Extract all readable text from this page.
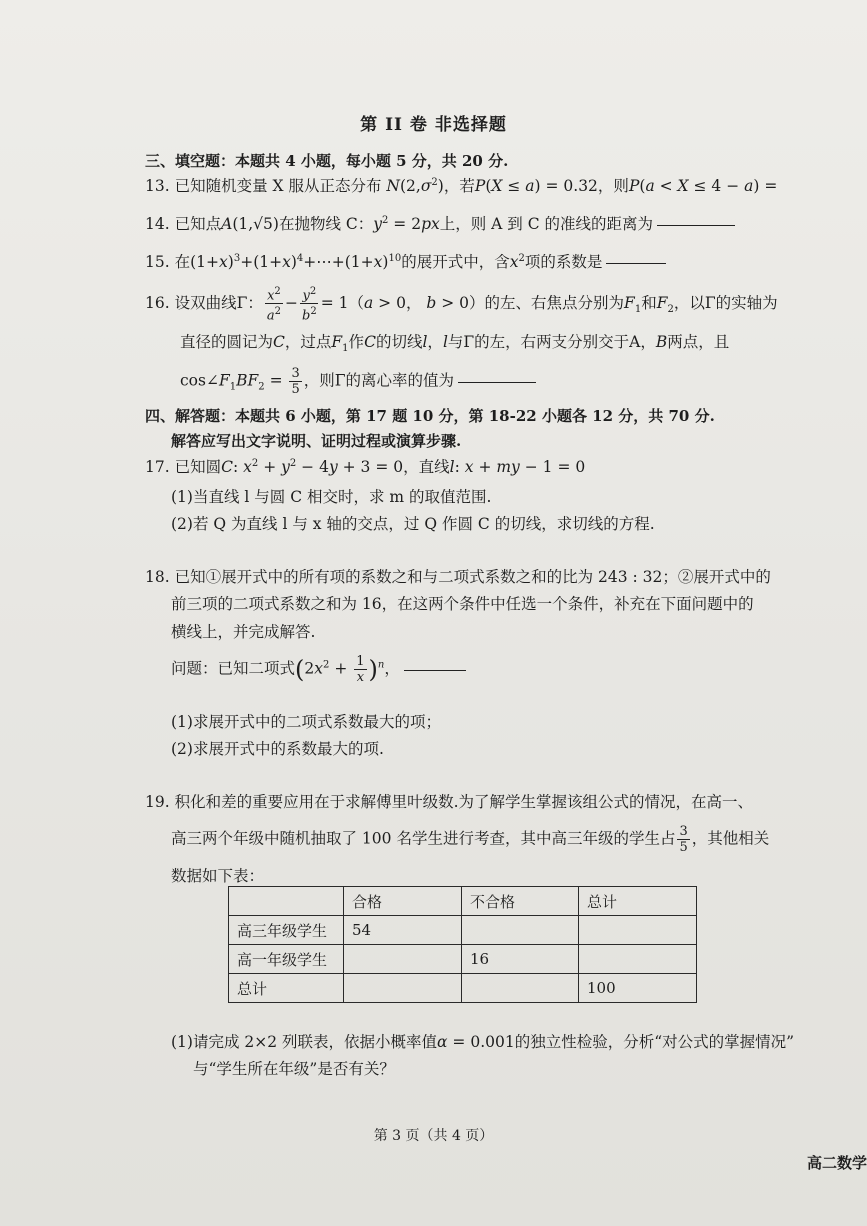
第 II 卷 非选择题
三、填空题：本题共 4 小题，每小题 5 分，共 20 分.
13. 已知随机变量 X 服从正态分布 $N(2,\sigma^2)$，若P(X ≤ a) = 0.32，则P(a < X ≤ 4 − a) =
14. 已知点A(1,√5)在抛物线 C：$y^2 = 2px$上，则 A 到 C 的准线的距离为
15. 在$(1+x)^3+(1+x)^4+\cdots+(1+x)^{10}$的展开式中，含$x^2$项的系数是
16. 设双曲线Γ： $\frac{x^2}{a^2} - \frac{y^2}{b^2} = 1(a > 0$， b > 0）的左、右焦点分别为$F_1$和$F_2$，以Γ的实轴为
直径的圆记为C，过点$F_1$作C的切线l，l与Γ的左，右两支分别交于A，B两点，且
$\cos\angle F_1BF_2 = \frac{3}{5}$ ，则Γ的离心率的值为
四、解答题：本题共 6 小题，第 17 题 10 分，第 18-22 小题各 12 分，共 70 分.
解答应写出文字说明、证明过程或演算步骤.
17. 已知圆C: $x^2 + y^2 - 4y + 3 = 0$，直线l: x + my − 1 = 0
(1)当直线 l 与圆 C 相交时，求 m 的取值范围.
(2)若 Q 为直线 l 与 x 轴的交点，过 Q 作圆 C 的切线，求切线的方程.
18. 已知①展开式中的所有项的系数之和与二项式系数之和的比为 243 : 32；②展开式中的
前三项的二项式系数之和为 16，在这两个条件中任选一个条件，补充在下面问题中的
横线上，并完成解答.
问题：已知二项式$(2x^2 + \frac{1}{x} )^n$，
(1)求展开式中的二项式系数最大的项；
(2)求展开式中的系数最大的项.
19. 积化和差的重要应用在于求解傅里叶级数.为了解学生掌握该组公式的情况，在高一、
高三两个年级中随机抽取了 100 名学生进行考查，其中高三年级的学生占 $\frac{3}{5}$ ，其他相关
数据如下表：
	合格	不合格	总计
高三年级学生	54		
高一年级学生		16	
总计			100
(1)请完成 2×2 列联表，依据小概率值α = 0.001的独立性检验，分析“对公式的掌握情况”
与“学生所在年级”是否有关？
第 3 页（共 4 页）
高二数学
